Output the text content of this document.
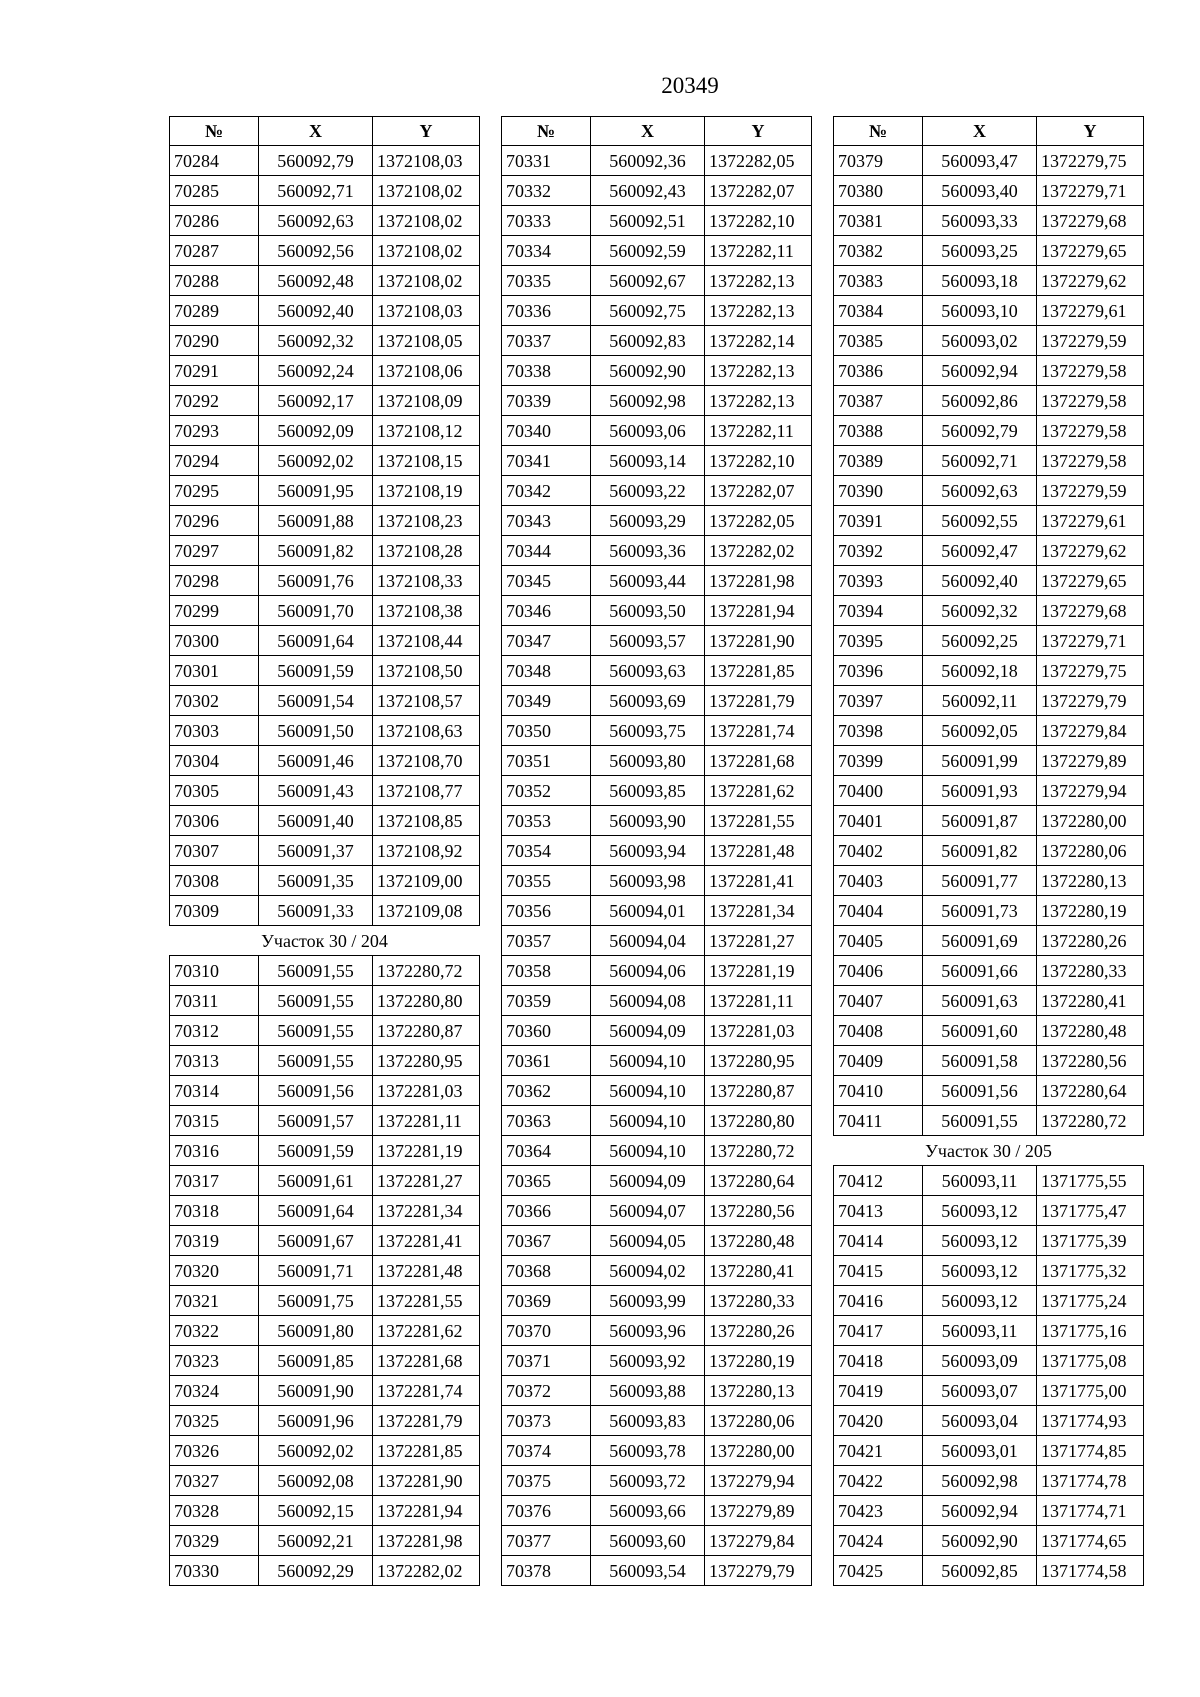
20349
№	X	Y
70284	560092,79	1372108,03
70285	560092,71	1372108,02
70286	560092,63	1372108,02
70287	560092,56	1372108,02
70288	560092,48	1372108,02
70289	560092,40	1372108,03
70290	560092,32	1372108,05
70291	560092,24	1372108,06
70292	560092,17	1372108,09
70293	560092,09	1372108,12
70294	560092,02	1372108,15
70295	560091,95	1372108,19
70296	560091,88	1372108,23
70297	560091,82	1372108,28
70298	560091,76	1372108,33
70299	560091,70	1372108,38
70300	560091,64	1372108,44
70301	560091,59	1372108,50
70302	560091,54	1372108,57
70303	560091,50	1372108,63
70304	560091,46	1372108,70
70305	560091,43	1372108,77
70306	560091,40	1372108,85
70307	560091,37	1372108,92
70308	560091,35	1372109,00
70309	560091,33	1372109,08
Участок 30 / 204		
70310	560091,55	1372280,72
70311	560091,55	1372280,80
70312	560091,55	1372280,87
70313	560091,55	1372280,95
70314	560091,56	1372281,03
70315	560091,57	1372281,11
70316	560091,59	1372281,19
70317	560091,61	1372281,27
70318	560091,64	1372281,34
70319	560091,67	1372281,41
70320	560091,71	1372281,48
70321	560091,75	1372281,55
70322	560091,80	1372281,62
70323	560091,85	1372281,68
70324	560091,90	1372281,74
70325	560091,96	1372281,79
70326	560092,02	1372281,85
70327	560092,08	1372281,90
70328	560092,15	1372281,94
70329	560092,21	1372281,98
70330	560092,29	1372282,02
№	X	Y
70331	560092,36	1372282,05
70332	560092,43	1372282,07
70333	560092,51	1372282,10
70334	560092,59	1372282,11
70335	560092,67	1372282,13
70336	560092,75	1372282,13
70337	560092,83	1372282,14
70338	560092,90	1372282,13
70339	560092,98	1372282,13
70340	560093,06	1372282,11
70341	560093,14	1372282,10
70342	560093,22	1372282,07
70343	560093,29	1372282,05
70344	560093,36	1372282,02
70345	560093,44	1372281,98
70346	560093,50	1372281,94
70347	560093,57	1372281,90
70348	560093,63	1372281,85
70349	560093,69	1372281,79
70350	560093,75	1372281,74
70351	560093,80	1372281,68
70352	560093,85	1372281,62
70353	560093,90	1372281,55
70354	560093,94	1372281,48
70355	560093,98	1372281,41
70356	560094,01	1372281,34
70357	560094,04	1372281,27
70358	560094,06	1372281,19
70359	560094,08	1372281,11
70360	560094,09	1372281,03
70361	560094,10	1372280,95
70362	560094,10	1372280,87
70363	560094,10	1372280,80
70364	560094,10	1372280,72
70365	560094,09	1372280,64
70366	560094,07	1372280,56
70367	560094,05	1372280,48
70368	560094,02	1372280,41
70369	560093,99	1372280,33
70370	560093,96	1372280,26
70371	560093,92	1372280,19
70372	560093,88	1372280,13
70373	560093,83	1372280,06
70374	560093,78	1372280,00
70375	560093,72	1372279,94
70376	560093,66	1372279,89
70377	560093,60	1372279,84
70378	560093,54	1372279,79
№	X	Y
70379	560093,47	1372279,75
70380	560093,40	1372279,71
70381	560093,33	1372279,68
70382	560093,25	1372279,65
70383	560093,18	1372279,62
70384	560093,10	1372279,61
70385	560093,02	1372279,59
70386	560092,94	1372279,58
70387	560092,86	1372279,58
70388	560092,79	1372279,58
70389	560092,71	1372279,58
70390	560092,63	1372279,59
70391	560092,55	1372279,61
70392	560092,47	1372279,62
70393	560092,40	1372279,65
70394	560092,32	1372279,68
70395	560092,25	1372279,71
70396	560092,18	1372279,75
70397	560092,11	1372279,79
70398	560092,05	1372279,84
70399	560091,99	1372279,89
70400	560091,93	1372279,94
70401	560091,87	1372280,00
70402	560091,82	1372280,06
70403	560091,77	1372280,13
70404	560091,73	1372280,19
70405	560091,69	1372280,26
70406	560091,66	1372280,33
70407	560091,63	1372280,41
70408	560091,60	1372280,48
70409	560091,58	1372280,56
70410	560091,56	1372280,64
70411	560091,55	1372280,72
Участок 30 / 205		
70412	560093,11	1371775,55
70413	560093,12	1371775,47
70414	560093,12	1371775,39
70415	560093,12	1371775,32
70416	560093,12	1371775,24
70417	560093,11	1371775,16
70418	560093,09	1371775,08
70419	560093,07	1371775,00
70420	560093,04	1371774,93
70421	560093,01	1371774,85
70422	560092,98	1371774,78
70423	560092,94	1371774,71
70424	560092,90	1371774,65
70425	560092,85	1371774,58
